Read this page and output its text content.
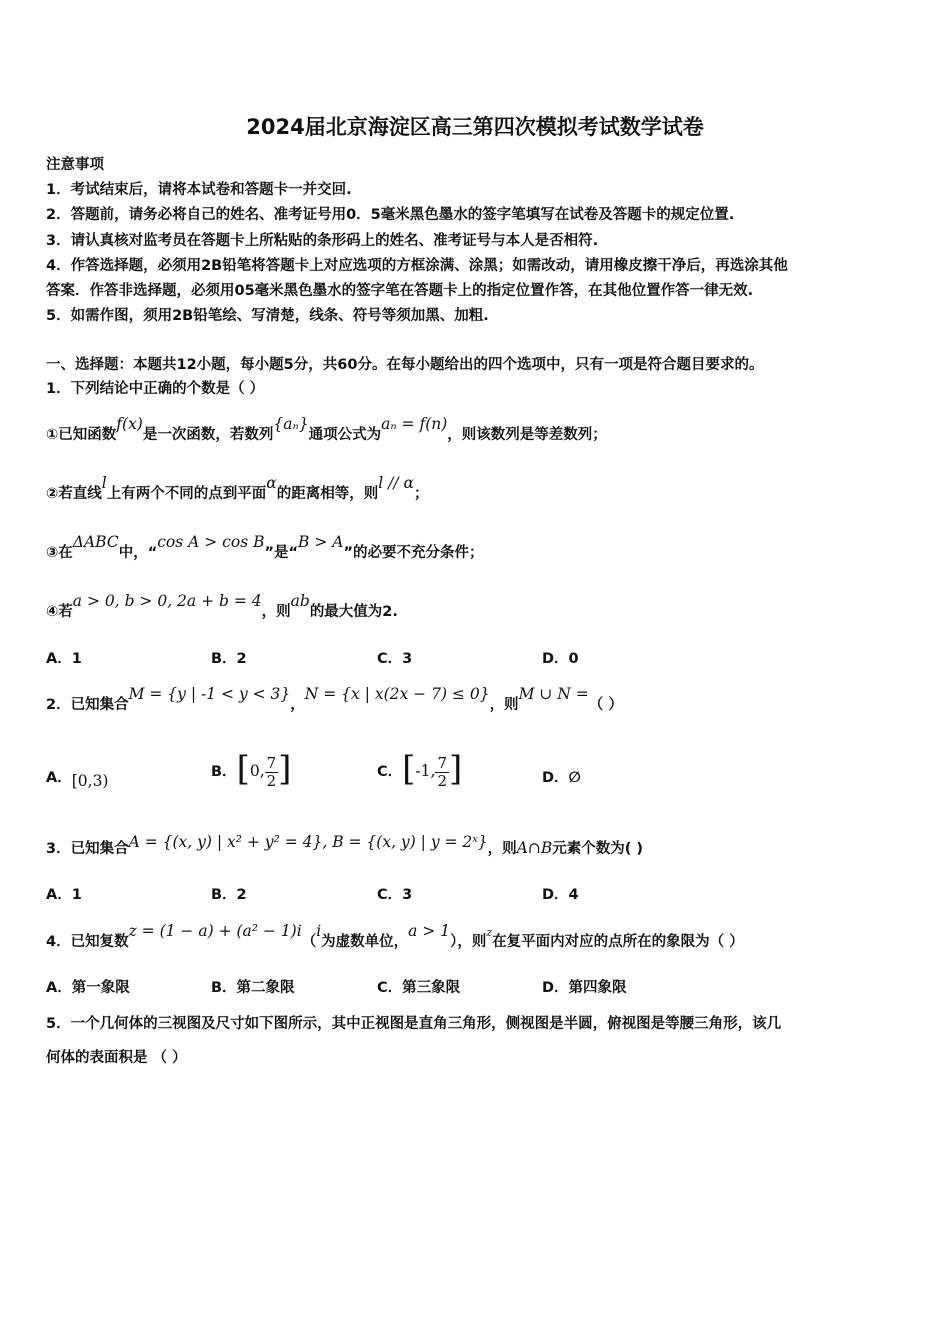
2024届北京海淀区高三第四次模拟考试数学试卷
注意事项
1．考试结束后，请将本试卷和答题卡一并交回.
2．答题前，请务必将自己的姓名、准考证号用0．5毫米黑色墨水的签字笔填写在试卷及答题卡的规定位置.
3．请认真核对监考员在答题卡上所粘贴的条形码上的姓名、准考证号与本人是否相符.
4．作答选择题，必须用2B铅笔将答题卡上对应选项的方框涂满、涂黑；如需改动，请用橡皮擦干净后，再选涂其他
答案．作答非选择题，必须用05毫米黑色墨水的签字笔在答题卡上的指定位置作答，在其他位置作答一律无效.
5．如需作图，须用2B铅笔绘、写清楚，线条、符号等须加黑、加粗.
一、选择题：本题共12小题，每小题5分，共60分。在每小题给出的四个选项中，只有一项是符合题目要求的。
1．下列结论中正确的个数是（ ）
①已知函数f(x)是一次函数，若数列{aₙ}通项公式为aₙ = f(n)，则该数列是等差数列；
②若直线l上有两个不同的点到平面α的距离相等，则l // α；
③在ΔABC中，“cos A > cos B”是“B > A”的必要不充分条件；
④若a > 0, b > 0, 2a + b = 4，则ab的最大值为2.
A．1	B．2	C．3	D．0
2．已知集合M = {y | -1 < y < 3}，N = {x | x(2x − 7) ≤ 0}，则M ∪ N =（ ）
A．[0,3)	B．[0, $\frac{7}{2}$ ]	C．[-1, $\frac{7}{2}$ ]	D．∅
3．已知集合A = {(x, y) | x² + y² = 4}, B = {(x, y) | y = 2ˣ}，则A∩B元素个数为( )
A．1	B．2	C．3	D．4
4．已知复数z = (1 − a) + (a² − 1)i（i为虚数单位，a > 1），则$^z$在复平面内对应的点所在的象限为（ ）
A．第一象限	B．第二象限	C．第三象限	D．第四象限
5．一个几何体的三视图及尺寸如下图所示，其中正视图是直角三角形，侧视图是半圆，俯视图是等腰三角形，该几
何体的表面积是 （ ）
